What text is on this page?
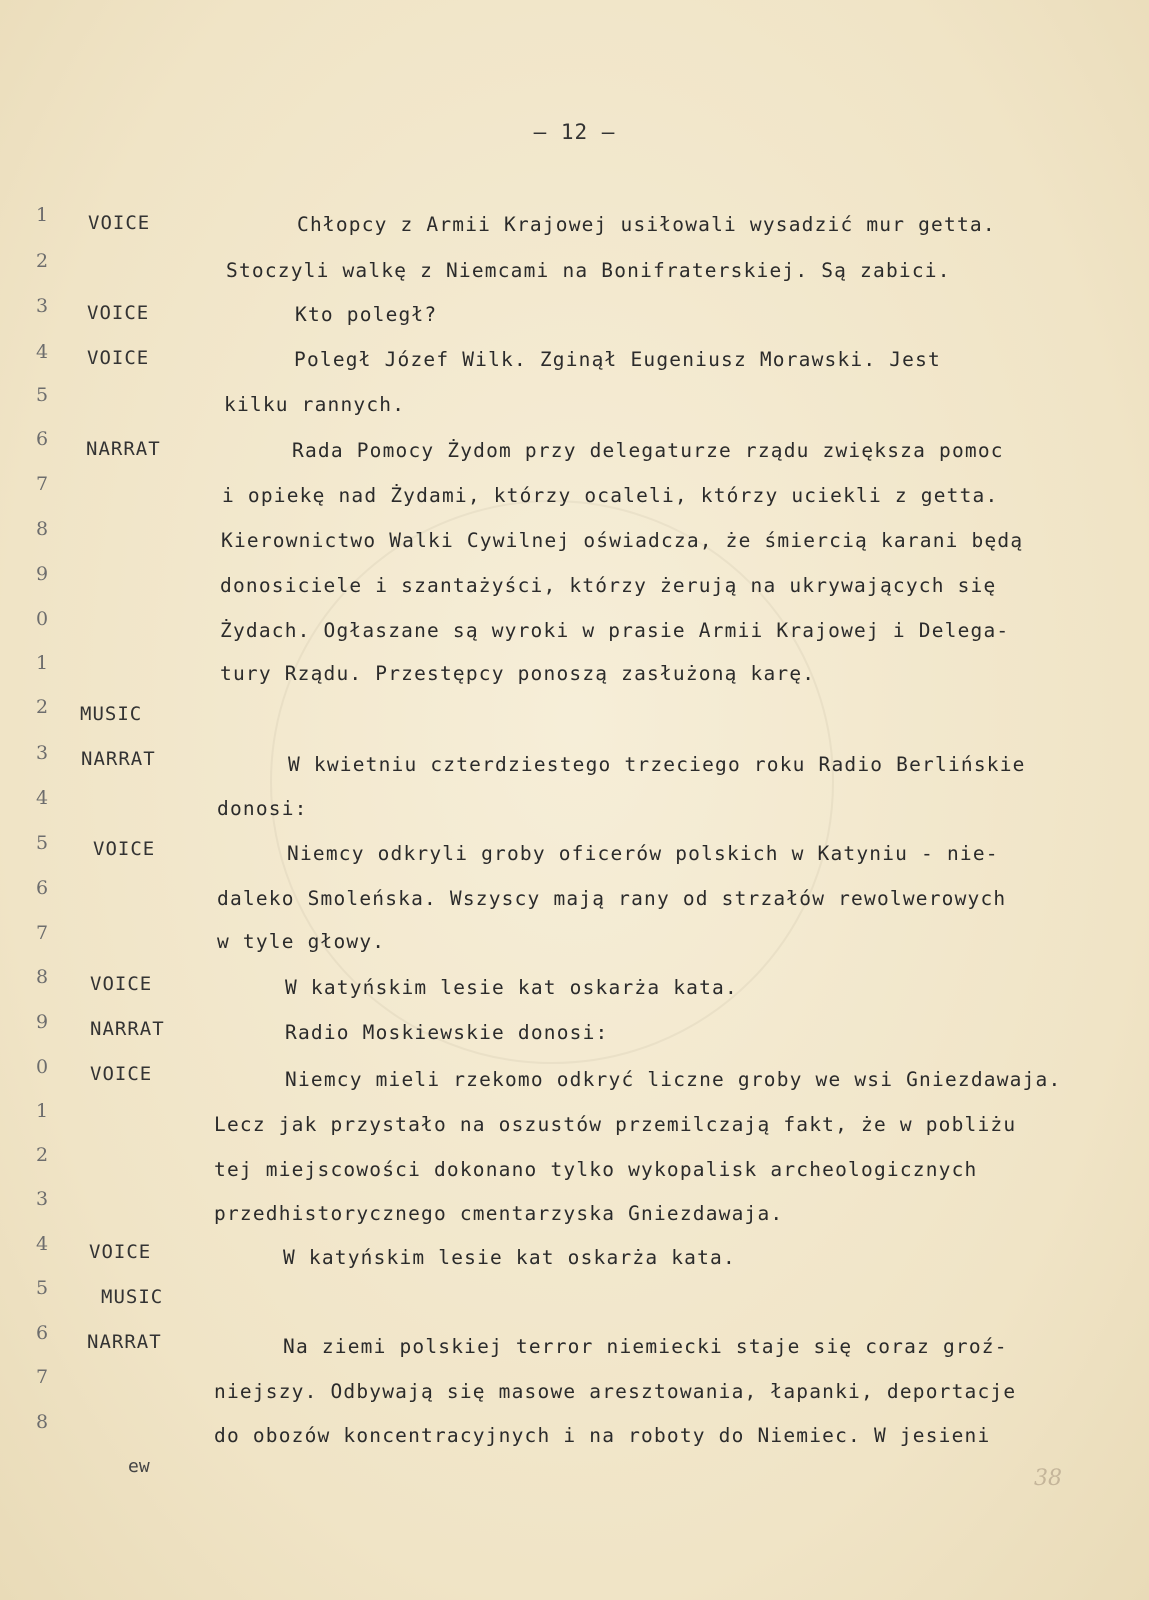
– 12 –
1
2
3
4
5
6
7
8
9
0
1
2
3
4
5
6
7
8
9
0
1
2
3
4
5
6
7
8
VOICE
VOICE
VOICE
NARRAT
MUSIC
NARRAT
VOICE
VOICE
NARRAT
VOICE
VOICE
MUSIC
NARRAT
Chłopcy z Armii Krajowej usiłowali wysadzić mur getta.
Stoczyli walkę z Niemcami na Bonifraterskiej. Są zabici.
Kto poległ?
Poległ Józef Wilk. Zginął Eugeniusz Morawski. Jest
kilku rannych.
Rada Pomocy Żydom przy delegaturze rządu zwiększa pomoc
i opiekę nad Żydami, którzy ocaleli, którzy uciekli z getta.
Kierownictwo Walki Cywilnej oświadcza, że śmiercią karani będą
donosiciele i szantażyści, którzy żerują na ukrywających się
Żydach. Ogłaszane są wyroki w prasie Armii Krajowej i Delega-
tury Rządu. Przestępcy ponoszą zasłużoną karę.
W kwietniu czterdziestego trzeciego roku Radio Berlińskie
donosi:
Niemcy odkryli groby oficerów polskich w Katyniu - nie-
daleko Smoleńska. Wszyscy mają rany od strzałów rewolwerowych
w tyle głowy.
W katyńskim lesie kat oskarża kata.
Radio Moskiewskie donosi:
Niemcy mieli rzekomo odkryć liczne groby we wsi Gniezdawaja.
Lecz jak przystało na oszustów przemilczają fakt, że w pobliżu
tej miejscowości dokonano tylko wykopalisk archeologicznych
przedhistorycznego cmentarzyska Gniezdawaja.
W katyńskim lesie kat oskarża kata.
Na ziemi polskiej terror niemiecki staje się coraz groź-
niejszy. Odbywają się masowe aresztowania, łapanki, deportacje
do obozów koncentracyjnych i na roboty do Niemiec. W jesieni
ew	38
